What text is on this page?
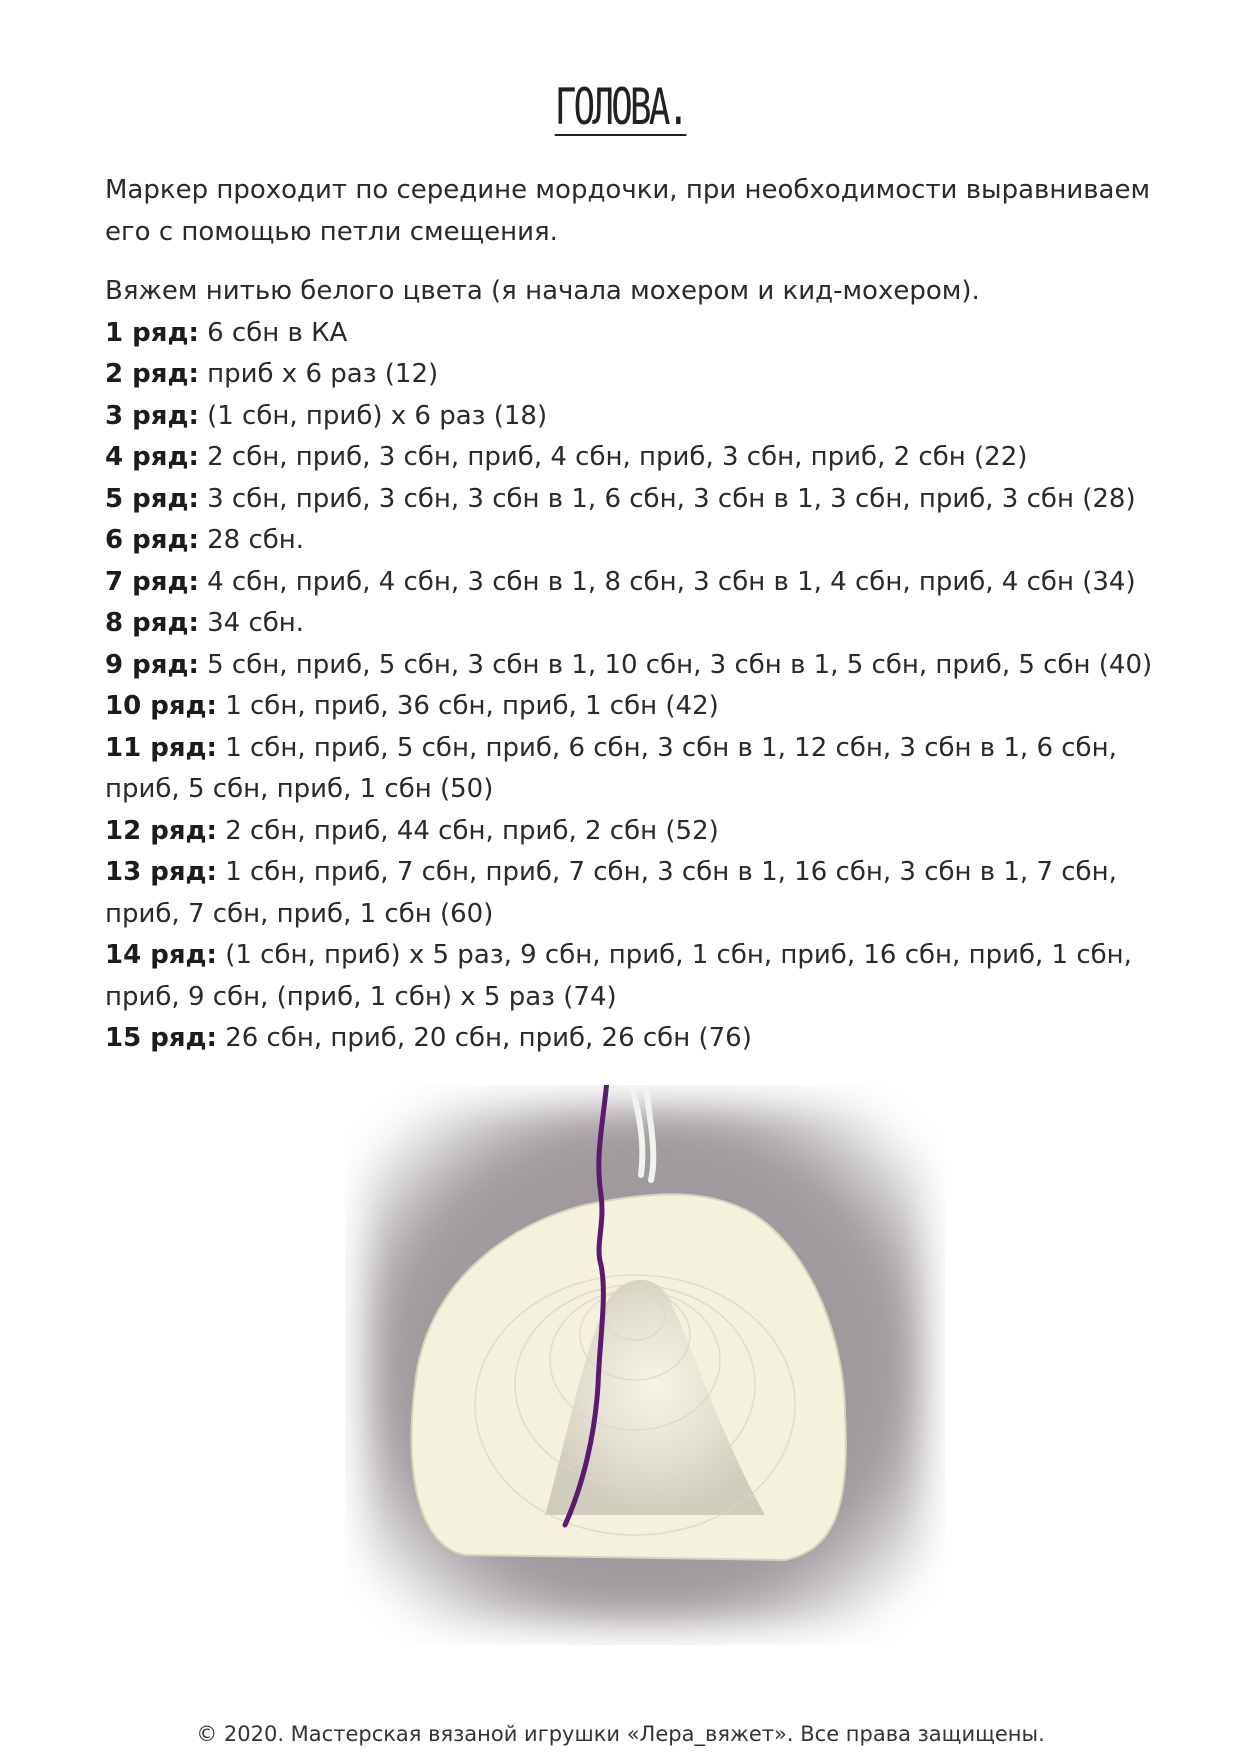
ГОЛОВА.

Маркер проходит по середине мордочки, при необходимости выравниваем его с помощью петли смещения.

Вяжем нитью белого цвета (я начала мохером и кид-мохером).

1 ряд: 6 сбн в КА

2 ряд: приб х 6 раз (12)

3 ряд: (1 сбн, приб) х 6 раз (18)

4 ряд: 2 сбн, приб, 3 сбн, приб, 4 сбн, приб, 3 сбн, приб, 2 сбн (22)

5 ряд: 3 сбн, приб, 3 сбн, 3 сбн в 1, 6 сбн, 3 сбн в 1, 3 сбн, приб, 3 сбн (28)

6 ряд: 28 сбн.

7 ряд: 4 сбн, приб, 4 сбн, 3 сбн в 1, 8 сбн, 3 сбн в 1, 4 сбн, приб, 4 сбн (34)

8 ряд: 34 сбн.

9 ряд: 5 сбн, приб, 5 сбн, 3 сбн в 1, 10 сбн, 3 сбн в 1, 5 сбн, приб, 5 сбн (40)

10 ряд: 1 сбн, приб, 36 сбн, приб, 1 сбн (42)

11 ряд: 1 сбн, приб, 5 сбн, приб, 6 сбн, 3 сбн в 1, 12 сбн, 3 сбн в 1, 6 сбн, приб, 5 сбн, приб, 1 сбн (50)

12 ряд: 2 сбн, приб, 44 сбн, приб, 2 сбн (52)

13 ряд: 1 сбн, приб, 7 сбн, приб, 7 сбн, 3 сбн в 1, 16 сбн, 3 сбн в 1, 7 сбн, приб, 7 сбн, приб, 1 сбн (60)

14 ряд: (1 сбн, приб) х 5 раз, 9 сбн, приб, 1 сбн, приб, 16 сбн, приб, 1 сбн, приб, 9 сбн, (приб, 1 сбн) х 5 раз (74)

15 ряд: 26 сбн, приб, 20 сбн, приб, 26 сбн (76)

© 2020. Мастерская вязаной игрушки «Лера_вяжет». Все права защищены.
